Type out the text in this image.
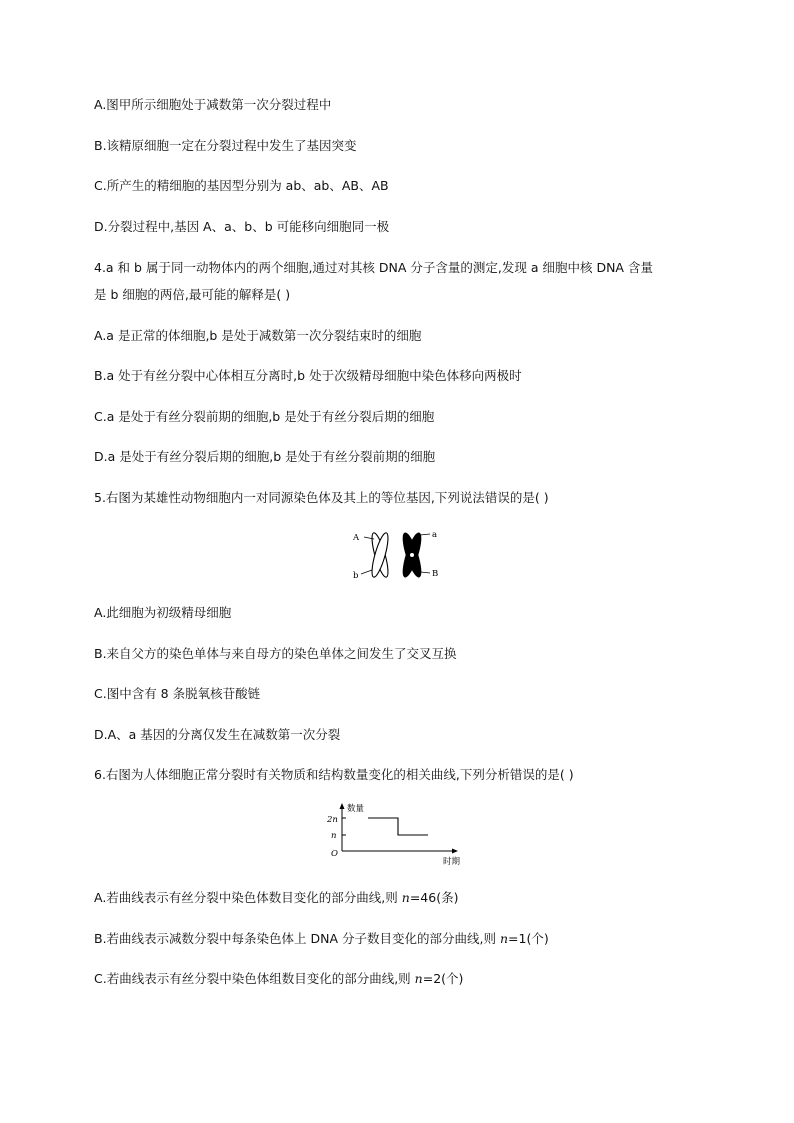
A.图甲所示细胞处于减数第一次分裂过程中
B.该精原细胞一定在分裂过程中发生了基因突变
C.所产生的精细胞的基因型分别为 ab、ab、AB、AB
D.分裂过程中,基因 A、a、b、b 可能移向细胞同一极
4.a 和 b 属于同一动物体内的两个细胞,通过对其核 DNA 分子含量的测定,发现 a 细胞中核 DNA 含量
是 b 细胞的两倍,最可能的解释是( )
A.a 是正常的体细胞,b 是处于减数第一次分裂结束时的细胞
B.a 处于有丝分裂中心体相互分离时,b 处于次级精母细胞中染色体移向两极时
C.a 是处于有丝分裂前期的细胞,b 是处于有丝分裂后期的细胞
D.a 是处于有丝分裂后期的细胞,b 是处于有丝分裂前期的细胞
5.右图为某雄性动物细胞内一对同源染色体及其上的等位基因,下列说法错误的是( )
A
b
a
B
A.此细胞为初级精母细胞
B.来自父方的染色单体与来自母方的染色单体之间发生了交叉互换
C.图中含有 8 条脱氧核苷酸链
D.A、a 基因的分离仅发生在减数第一次分裂
6.右图为人体细胞正常分裂时有关物质和结构数量变化的相关曲线,下列分析错误的是( )
数量
2n
n
O
时期
A.若曲线表示有丝分裂中染色体数目变化的部分曲线,则 n=46(条)
B.若曲线表示减数分裂中每条染色体上 DNA 分子数目变化的部分曲线,则 n=1(个)
C.若曲线表示有丝分裂中染色体组数目变化的部分曲线,则 n=2(个)
